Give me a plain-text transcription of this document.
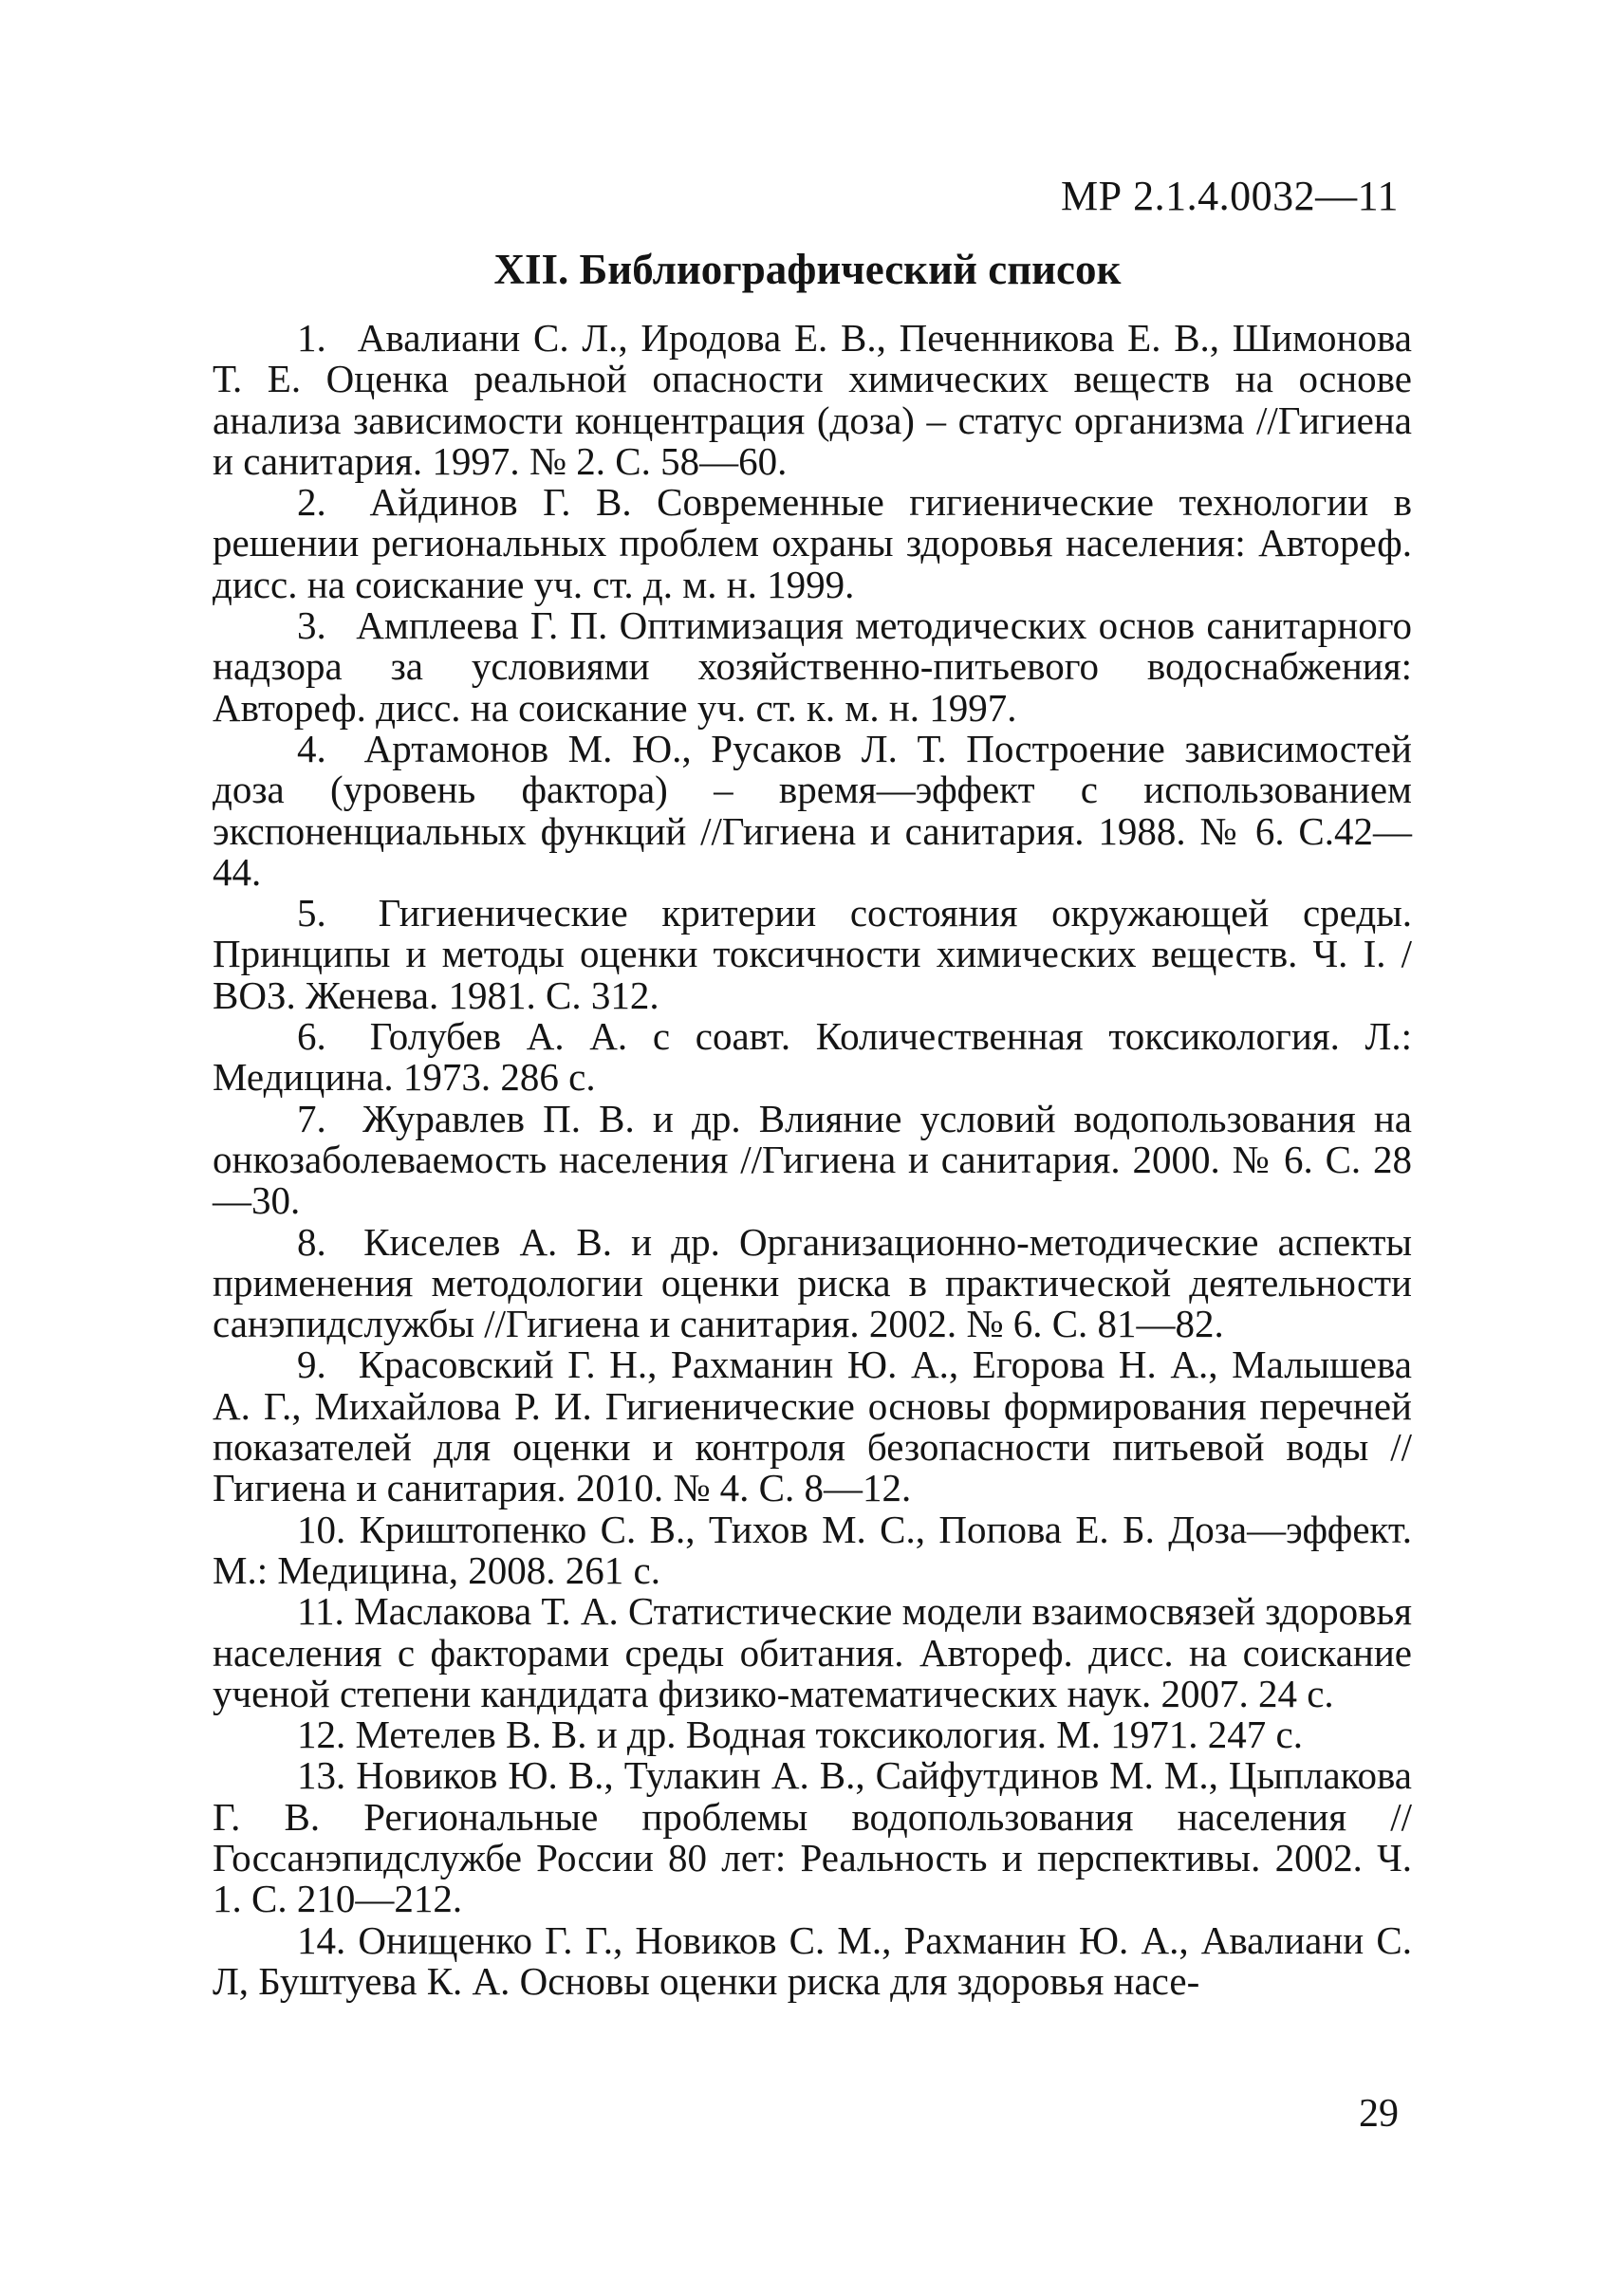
МР 2.1.4.0032—11
XII. Библиографический список
1. Авалиани С. Л., Иродова Е. В., Печенникова Е. В., Шимонова Т. Е. Оценка реальной опасности химических веществ на основе анализа зависимости концентрация (доза) – статус организма //Гигиена и санитария. 1997. № 2. С. 58—60.
2. Айдинов Г. В. Современные гигиенические технологии в решении региональных проблем охраны здоровья населения: Автореф. дисс. на соискание уч. ст. д. м. н. 1999.
3. Амплеева Г. П. Оптимизация методических основ санитарного надзора за условиями хозяйственно-питьевого водоснабжения: Автореф. дисс. на соискание уч. ст. к. м. н. 1997.
4. Артамонов М. Ю., Русаков Л. Т. Построение зависимостей доза (уровень фактора) – время—эффект с использованием экспоненциальных функций //Гигиена и санитария. 1988. № 6. С.42—44.
5. Гигиенические критерии состояния окружающей среды. Принципы и методы оценки токсичности химических веществ. Ч. I. /ВОЗ. Женева. 1981. С. 312.
6. Голубев А. А. с соавт. Количественная токсикология. Л.: Медицина. 1973. 286 с.
7. Журавлев П. В. и др. Влияние условий водопользования на онкозаболеваемость населения //Гигиена и санитария. 2000. № 6. С. 28—30.
8. Киселев А. В. и др. Организационно-методические аспекты применения методологии оценки риска в практической деятельности санэпидслужбы //Гигиена и санитария. 2002. № 6. С. 81—82.
9. Красовский Г. Н., Рахманин Ю. А., Егорова Н. А., Малышева А. Г., Михайлова Р. И. Гигиенические основы формирования перечней показателей для оценки и контроля безопасности питьевой воды //Гигиена и санитария. 2010. № 4. С. 8—12.
10. Криштопенко С. В., Тихов М. С., Попова Е. Б. Доза—эффект. М.: Медицина, 2008. 261 с.
11. Маслакова Т. А. Статистические модели взаимосвязей здоровья населения с факторами среды обитания. Автореф. дисс. на соискание ученой степени кандидата физико-математических наук. 2007. 24 с.
12. Метелев В. В. и др. Водная токсикология. М. 1971. 247 с.
13. Новиков Ю. В., Тулакин А. В., Сайфутдинов М. М., Цыплакова Г. В. Региональные проблемы водопользования населения //Госсанэпидслужбе России 80 лет: Реальность и перспективы. 2002. Ч. 1. С. 210—212.
14. Онищенко Г. Г., Новиков С. М., Рахманин Ю. А., Авалиани С. Л, Буштуева К. А. Основы оценки риска для здоровья насе-
29
